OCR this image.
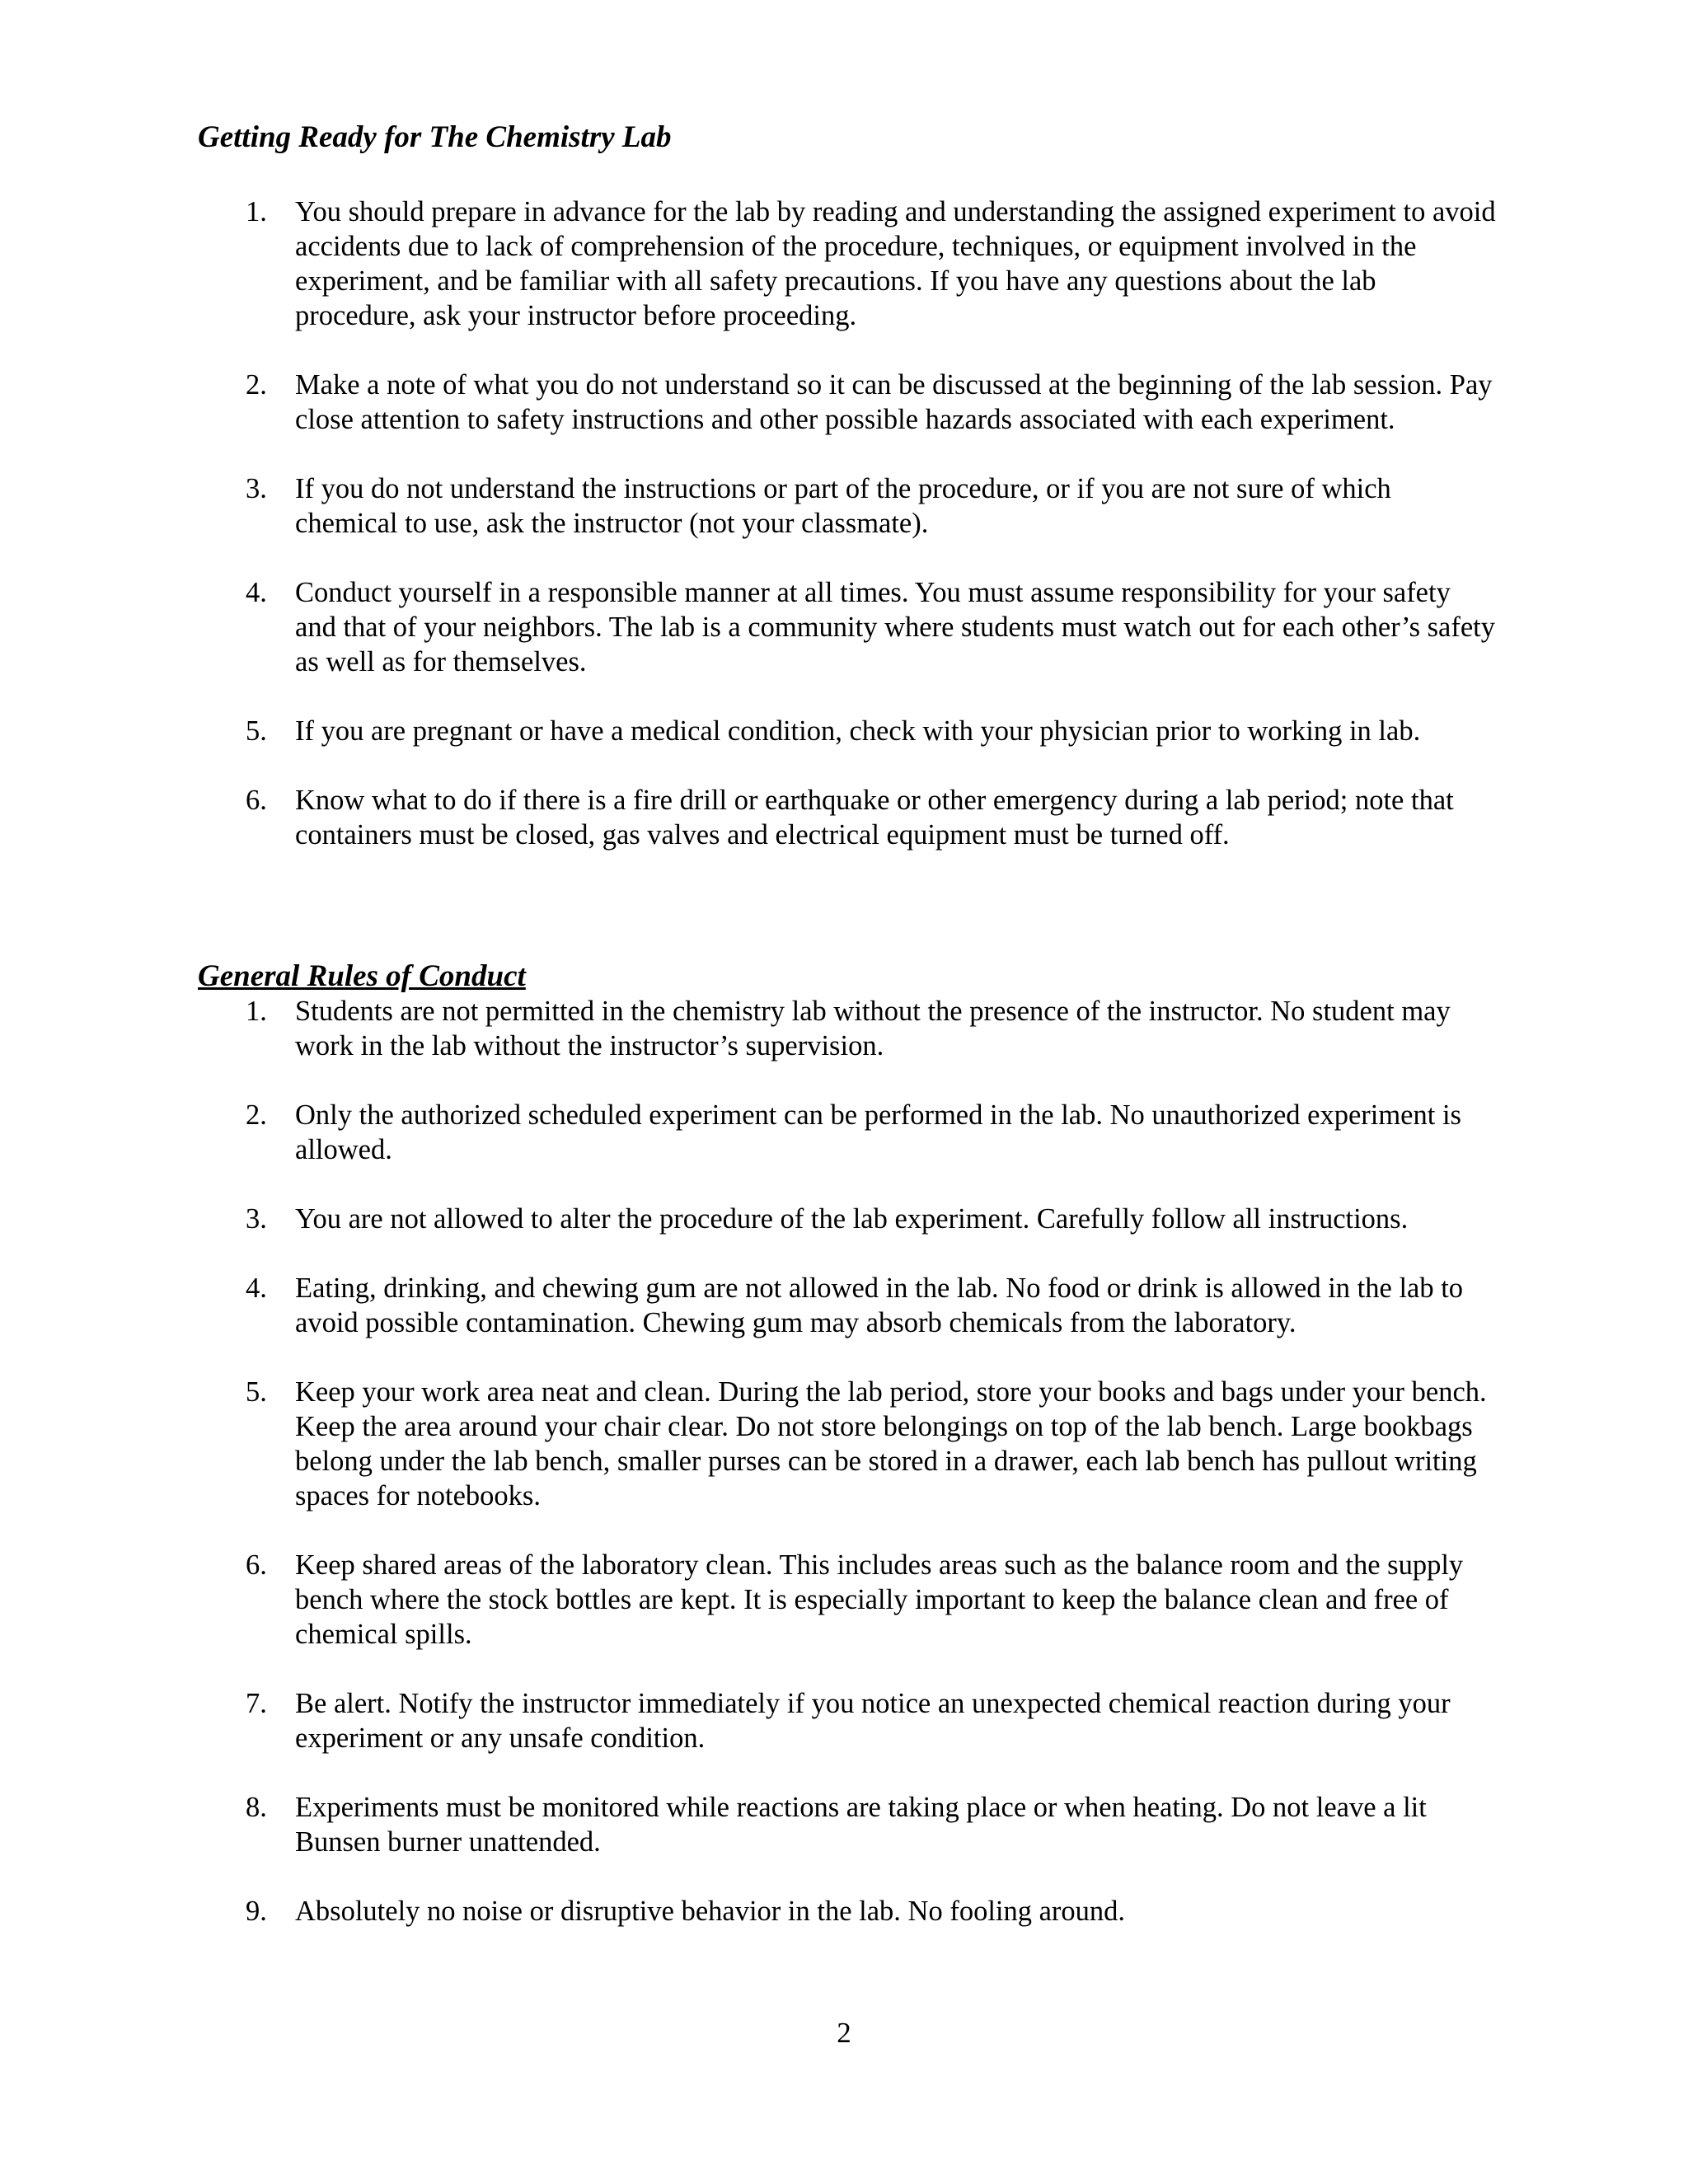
Getting Ready for The Chemistry Lab
1. You should prepare in advance for the lab by reading and understanding the assigned experiment to avoid accidents due to lack of comprehension of the procedure, techniques, or equipment involved in the experiment, and be familiar with all safety precautions. If you have any questions about the lab procedure, ask your instructor before proceeding.
2. Make a note of what you do not understand so it can be discussed at the beginning of the lab session. Pay close attention to safety instructions and other possible hazards associated with each experiment.
3. If you do not understand the instructions or part of the procedure, or if you are not sure of which chemical to use, ask the instructor (not your classmate).
4. Conduct yourself in a responsible manner at all times. You must assume responsibility for your safety and that of your neighbors. The lab is a community where students must watch out for each other’s safety as well as for themselves.
5. If you are pregnant or have a medical condition, check with your physician prior to working in lab.
6. Know what to do if there is a fire drill or earthquake or other emergency during a lab period; note that containers must be closed, gas valves and electrical equipment must be turned off.
General Rules of Conduct
1. Students are not permitted in the chemistry lab without the presence of the instructor. No student may work in the lab without the instructor’s supervision.
2. Only the authorized scheduled experiment can be performed in the lab. No unauthorized experiment is allowed.
3. You are not allowed to alter the procedure of the lab experiment. Carefully follow all instructions.
4. Eating, drinking, and chewing gum are not allowed in the lab. No food or drink is allowed in the lab to avoid possible contamination. Chewing gum may absorb chemicals from the laboratory.
5. Keep your work area neat and clean. During the lab period, store your books and bags under your bench. Keep the area around your chair clear. Do not store belongings on top of the lab bench. Large bookbags belong under the lab bench, smaller purses can be stored in a drawer, each lab bench has pullout writing spaces for notebooks.
6. Keep shared areas of the laboratory clean. This includes areas such as the balance room and the supply bench where the stock bottles are kept. It is especially important to keep the balance clean and free of chemical spills.
7. Be alert. Notify the instructor immediately if you notice an unexpected chemical reaction during your experiment or any unsafe condition.
8. Experiments must be monitored while reactions are taking place or when heating. Do not leave a lit Bunsen burner unattended.
9. Absolutely no noise or disruptive behavior in the lab. No fooling around.
2
